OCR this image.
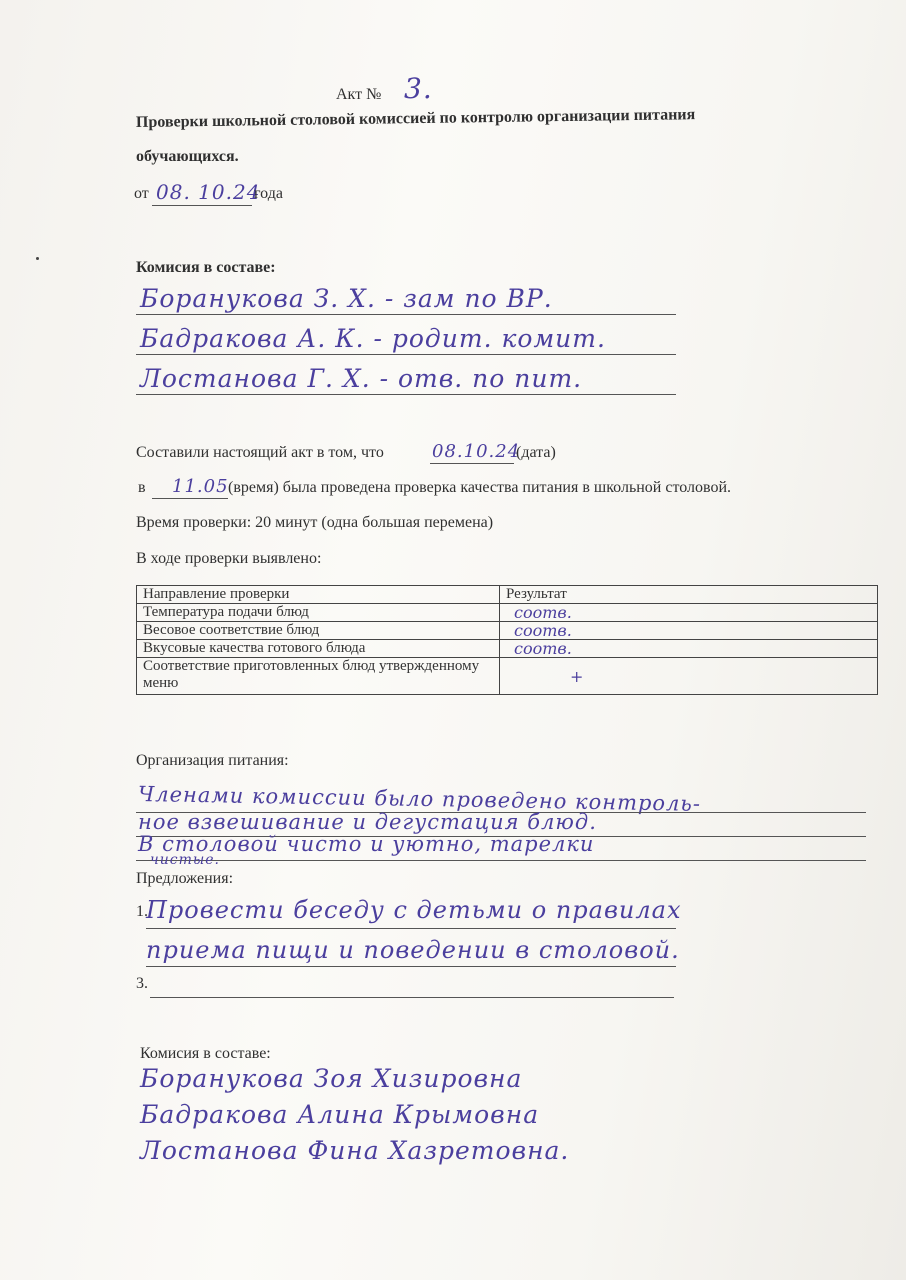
Акт № 3.
Проверки школьной столовой комиссией по контролю организации питания
обучающихся.
от 08. 10.24
года
Комисия в составе:
Боранукова З. Х. - зам по ВР.
Бадракова А. К. - родит. комит.
Лостанова Г. Х. - отв. по пит.
Составили настоящий акт в том, что	08.10.24
(дата)
в 11.05 (время) была проведена проверка качества питания в школьной столовой.
Время проверки: 20 минут (одна большая перемена)
В ходе проверки выявлено:
Направление проверки	Результат
Температура подачи блюд	соотв.
Весовое соответствие блюд	соотв.
Вкусовые качества готового блюда	соотв.
Соответствие приготовленных блюд утвержденному меню	+
Организация питания:
Членами комиссии было проведено контроль-
ное взвешивание и дегустация блюд.
В столовой чисто и уютно, тарелки
чистые.
Предложения:
1.
Провести беседу с детьми о правилах
приема пищи и поведении в столовой.
3.
Комисия в составе:
Боранукова Зоя Хизировна
Бадракова Алина Крымовна
Лостанова Фина Хазретовна.
